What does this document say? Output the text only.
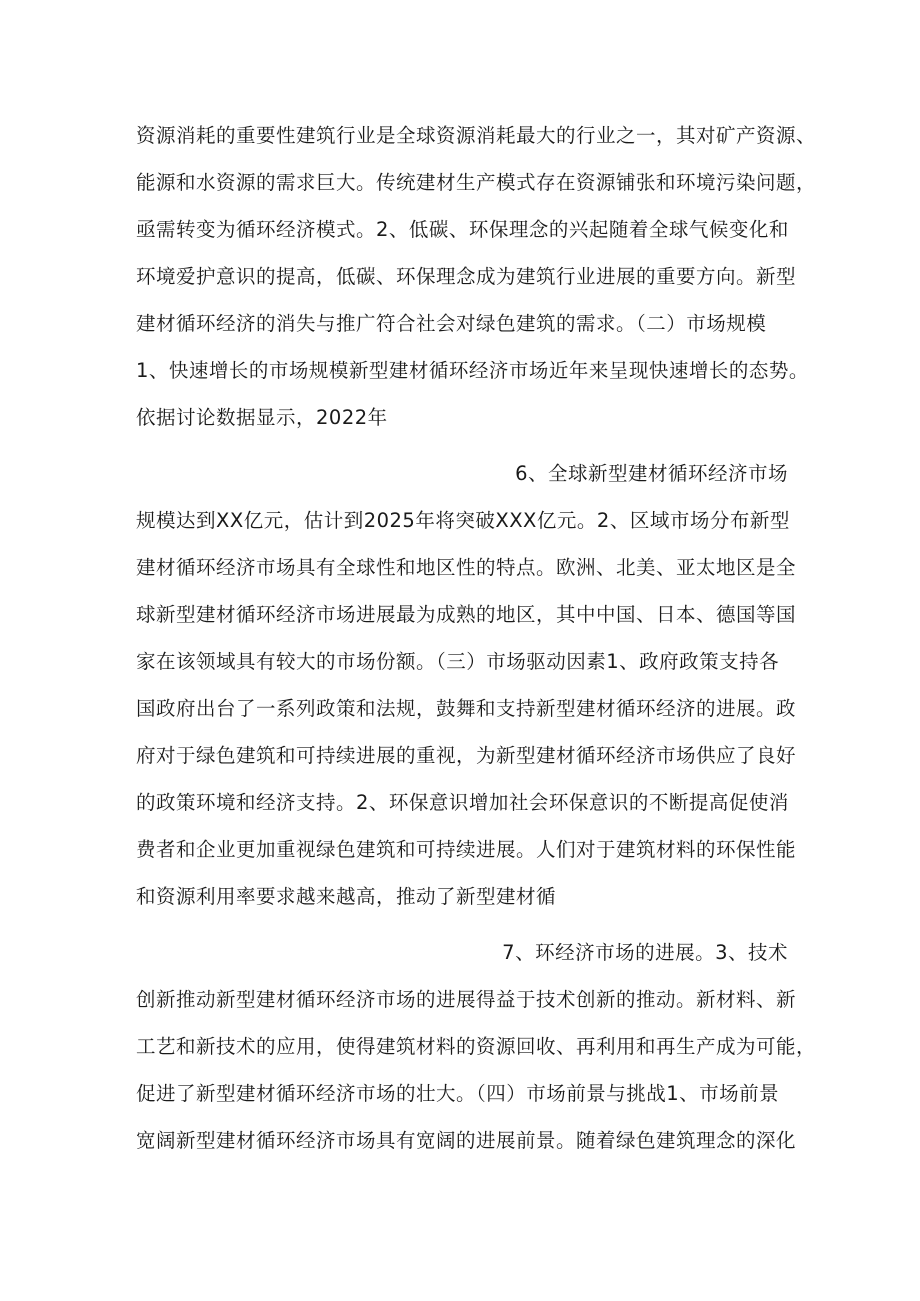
资源消耗的重要性建筑行业是全球资源消耗最大的行业之一，其对矿产资源、
能源和水资源的需求巨大。传统建材生产模式存在资源铺张和环境污染问题，
亟需转变为循环经济模式。2、低碳、环保理念的兴起随着全球气候变化和
环境爱护意识的提高，低碳、环保理念成为建筑行业进展的重要方向。新型
建材循环经济的消失与推广符合社会对绿色建筑的需求。（二）市场规模
1、快速增长的市场规模新型建材循环经济市场近年来呈现快速增长的态势。
依据讨论数据显示，2022年
6、全球新型建材循环经济市场
规模达到XX亿元，估计到2025年将突破XXX亿元。2、区域市场分布新型
建材循环经济市场具有全球性和地区性的特点。欧洲、北美、亚太地区是全
球新型建材循环经济市场进展最为成熟的地区，其中中国、日本、德国等国
家在该领域具有较大的市场份额。（三）市场驱动因素1、政府政策支持各
国政府出台了一系列政策和法规，鼓舞和支持新型建材循环经济的进展。政
府对于绿色建筑和可持续进展的重视，为新型建材循环经济市场供应了良好
的政策环境和经济支持。2、环保意识增加社会环保意识的不断提高促使消
费者和企业更加重视绿色建筑和可持续进展。人们对于建筑材料的环保性能
和资源利用率要求越来越高，推动了新型建材循
7、环经济市场的进展。3、技术
创新推动新型建材循环经济市场的进展得益于技术创新的推动。新材料、新
工艺和新技术的应用，使得建筑材料的资源回收、再利用和再生产成为可能，
促进了新型建材循环经济市场的壮大。（四）市场前景与挑战1、市场前景
宽阔新型建材循环经济市场具有宽阔的进展前景。随着绿色建筑理念的深化
